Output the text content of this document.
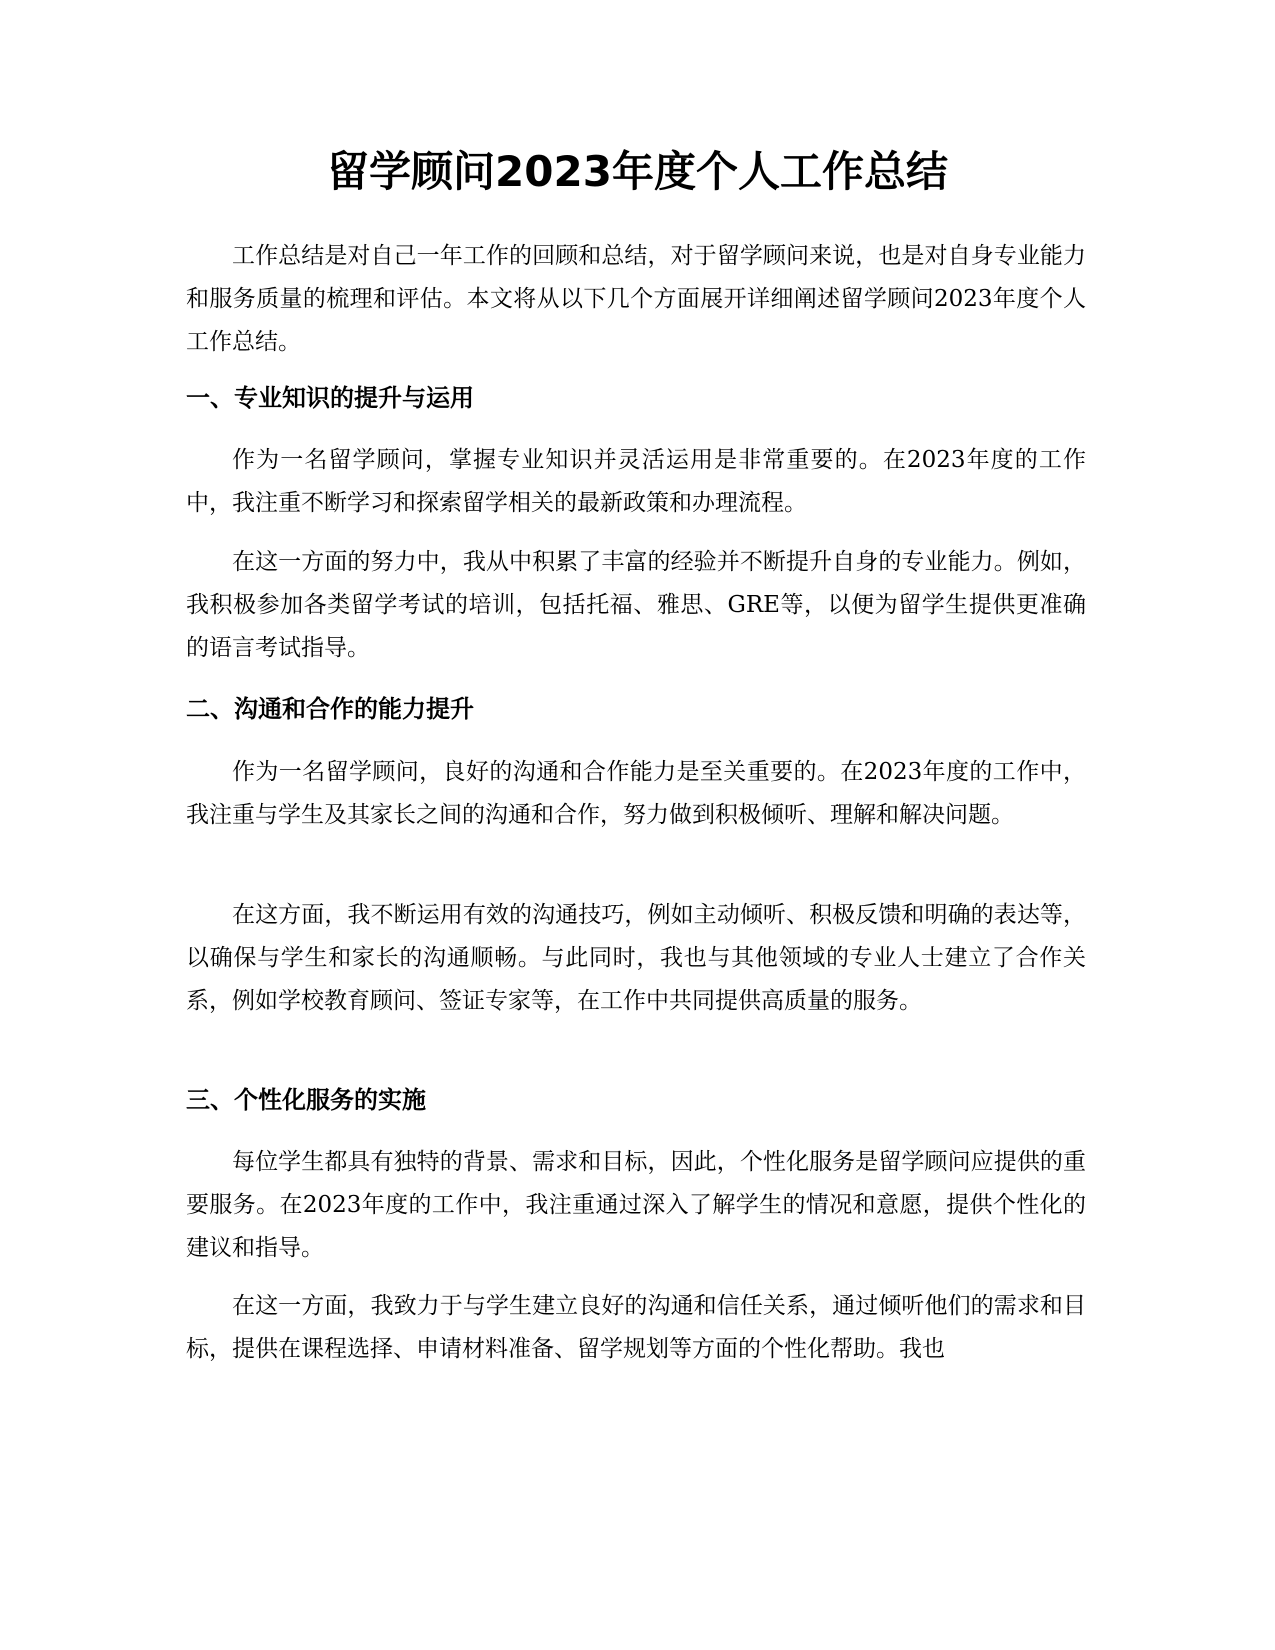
留学顾问2023年度个人工作总结

工作总结是对自己一年工作的回顾和总结，对于留学顾问来说，也是对自身专业能力和服务质量的梳理和评估。本文将从以下几个方面展开详细阐述留学顾问2023年度个人工作总结。

一、专业知识的提升与运用

作为一名留学顾问，掌握专业知识并灵活运用是非常重要的。在2023年度的工作中，我注重不断学习和探索留学相关的最新政策和办理流程。

在这一方面的努力中，我从中积累了丰富的经验并不断提升自身的专业能力。例如，我积极参加各类留学考试的培训，包括托福、雅思、GRE等，以便为留学生提供更准确的语言考试指导。

二、沟通和合作的能力提升

作为一名留学顾问，良好的沟通和合作能力是至关重要的。在2023年度的工作中，我注重与学生及其家长之间的沟通和合作，努力做到积极倾听、理解和解决问题。

在这方面，我不断运用有效的沟通技巧，例如主动倾听、积极反馈和明确的表达等，以确保与学生和家长的沟通顺畅。与此同时，我也与其他领域的专业人士建立了合作关系，例如学校教育顾问、签证专家等，在工作中共同提供高质量的服务。

三、个性化服务的实施

每位学生都具有独特的背景、需求和目标，因此，个性化服务是留学顾问应提供的重要服务。在2023年度的工作中，我注重通过深入了解学生的情况和意愿，提供个性化的建议和指导。

在这一方面，我致力于与学生建立良好的沟通和信任关系，通过倾听他们的需求和目标，提供在课程选择、申请材料准备、留学规划等方面的个性化帮助。我也
